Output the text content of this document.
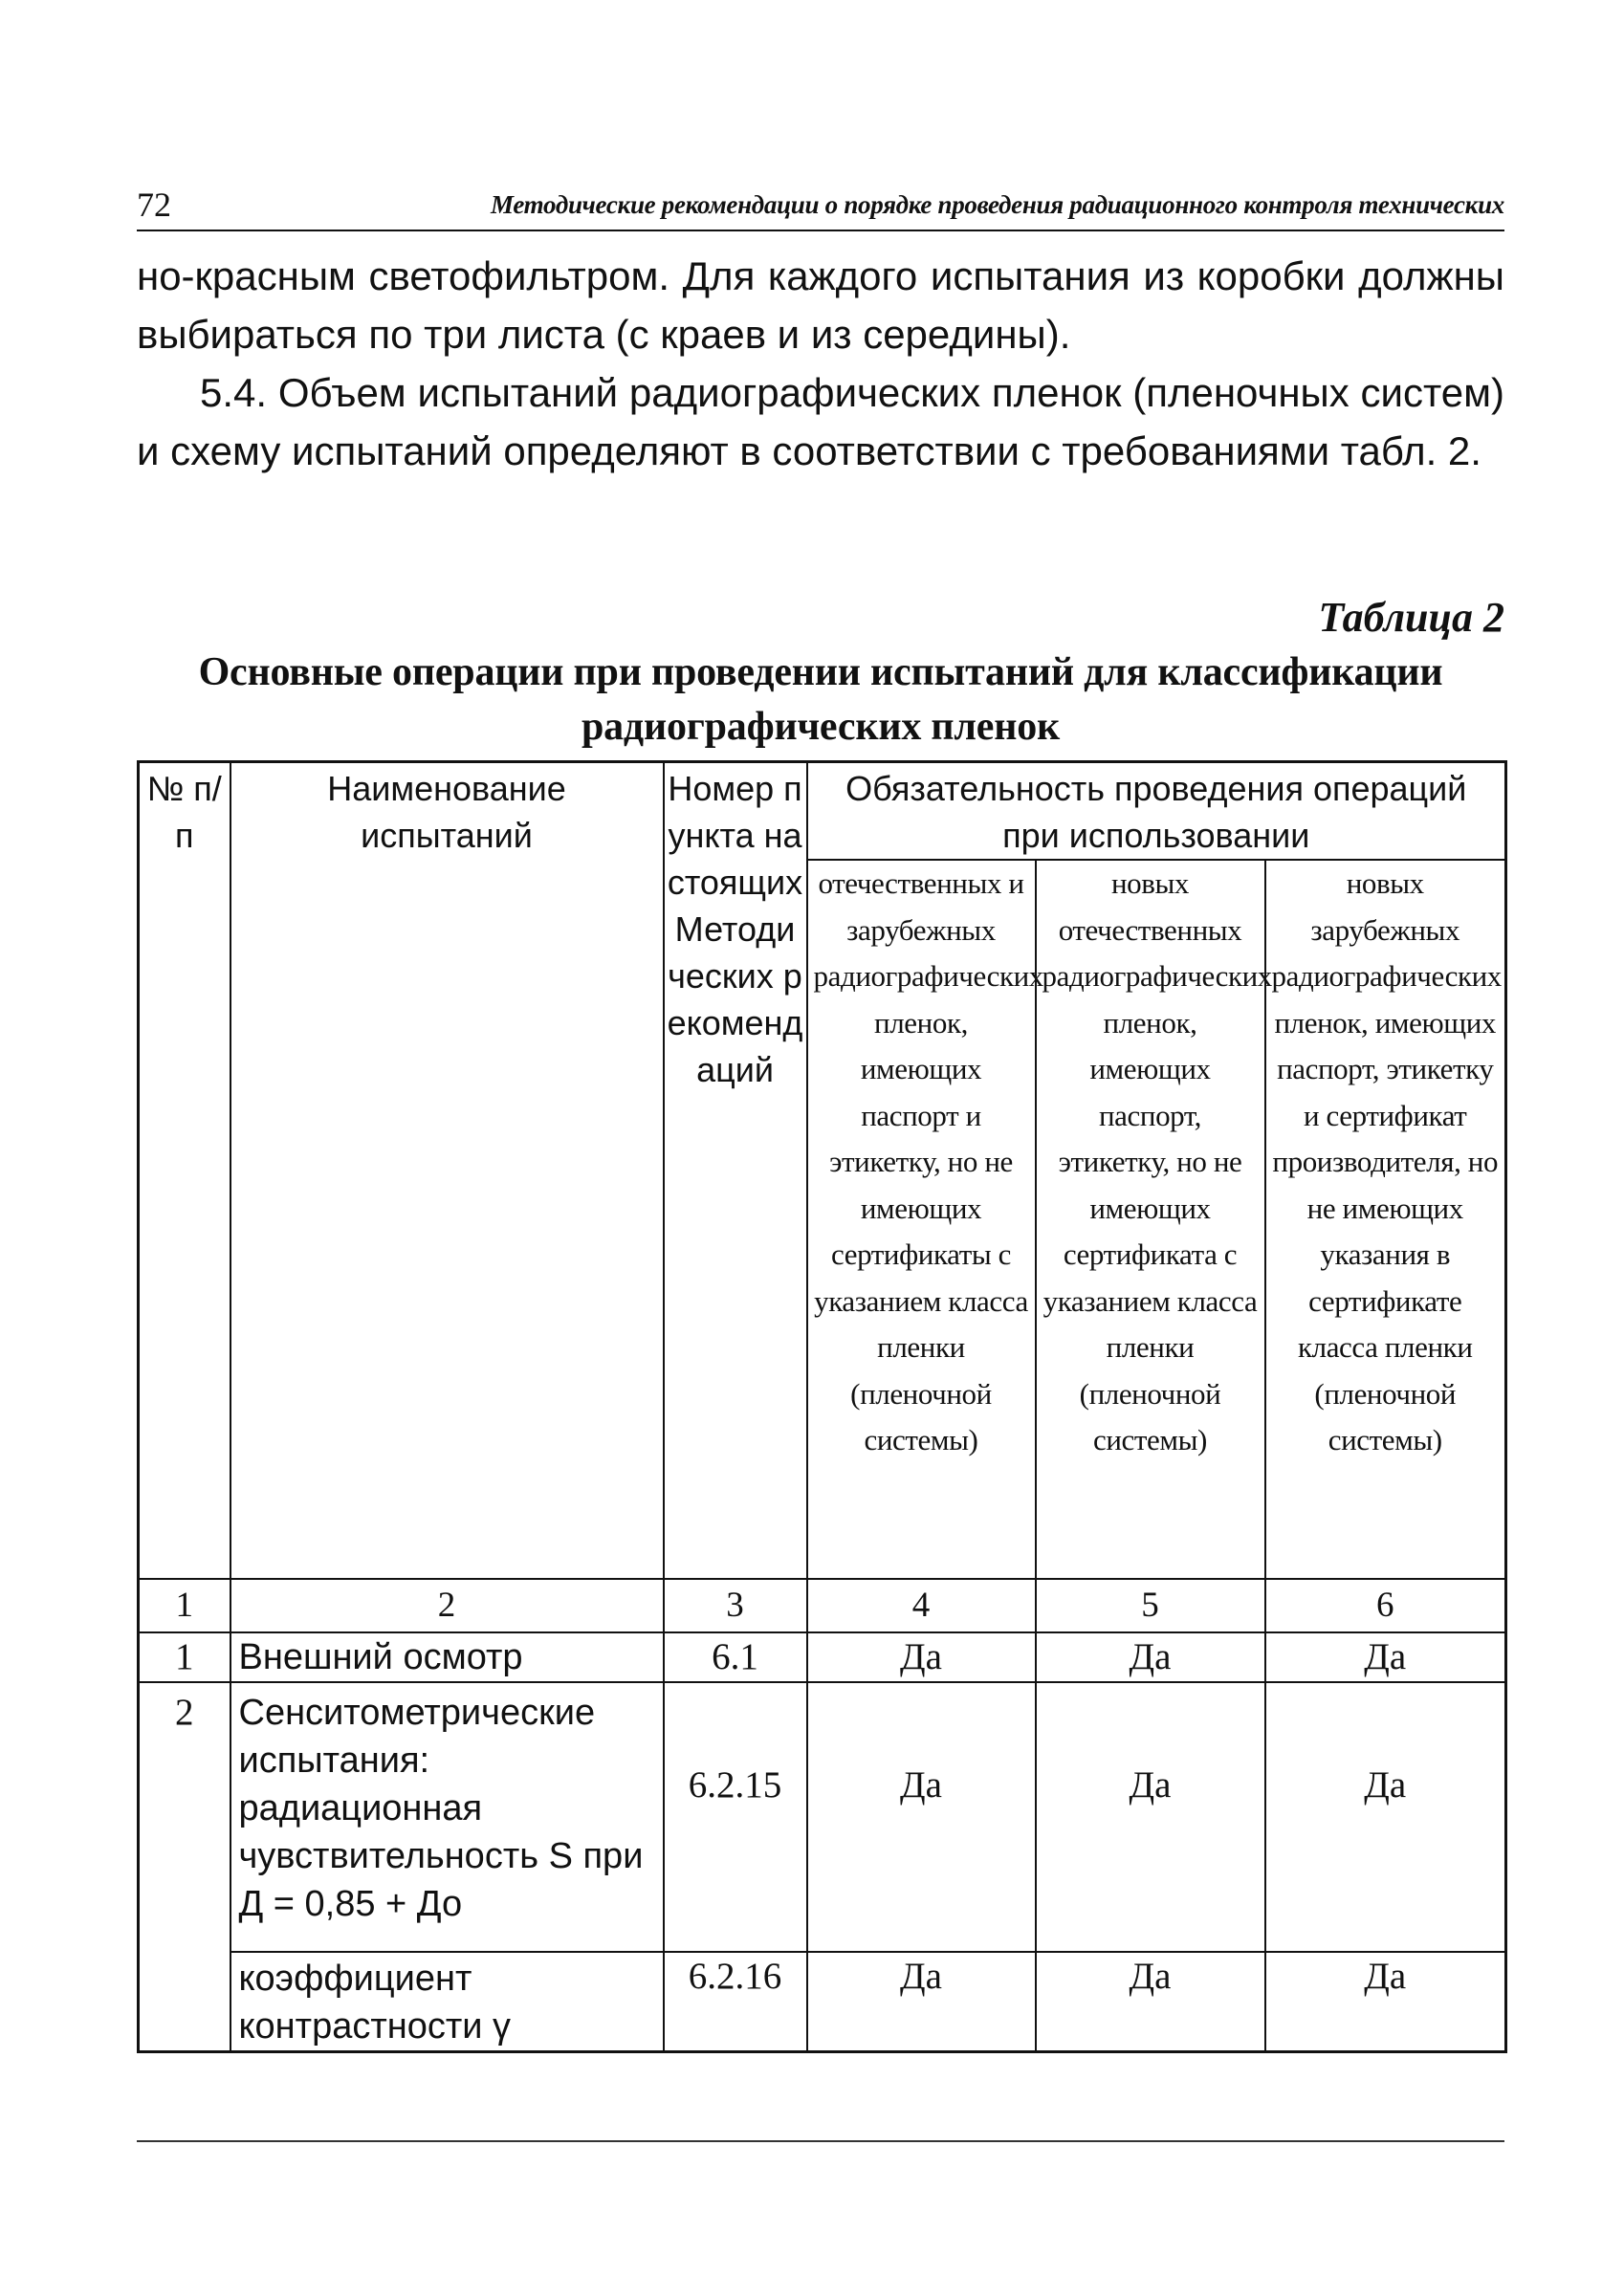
72	Методические рекомендации о порядке проведения радиационного контроля технических

но-красным светофильтром. Для каждого испытания из коробки должны выбираться по три листа (с краев и из середины).

5.4. Объем испытаний радиографических пленок (пленочных систем) и схему испытаний определяют в соответствии с требованиями табл. 2.

Таблица 2
Основные операции при проведении испытаний для классификации радиографических пленок
№ п/п	Наименование испытаний	Номер пункта настоящих Методических рекомендаций	Обязательность проведения операций при использовании		
			отечественных и зарубежных радиографических пленок, имеющих паспорт и этикетку, но не имеющих сертификаты с указанием класса пленки (пленочной системы)	новых отечественных радиографических пленок, имеющих паспорт, этикетку, но не имеющих сертификата с указанием класса пленки (пленочной системы)	новых зарубежных радиографических пленок, имеющих паспорт, этикетку и сертификат производителя, но не имеющих указания в сертификате класса пленки (пленочной системы)
1	2	3	4	5	6
1	Внешний осмотр	6.1	Да	Да	Да
2	Сенситометрические испытания: радиационная чувствительность S при Д = 0,85 + До	6.2.15	Да	Да	Да
	коэффициент контрастности γ	6.2.16	Да	Да	Да
